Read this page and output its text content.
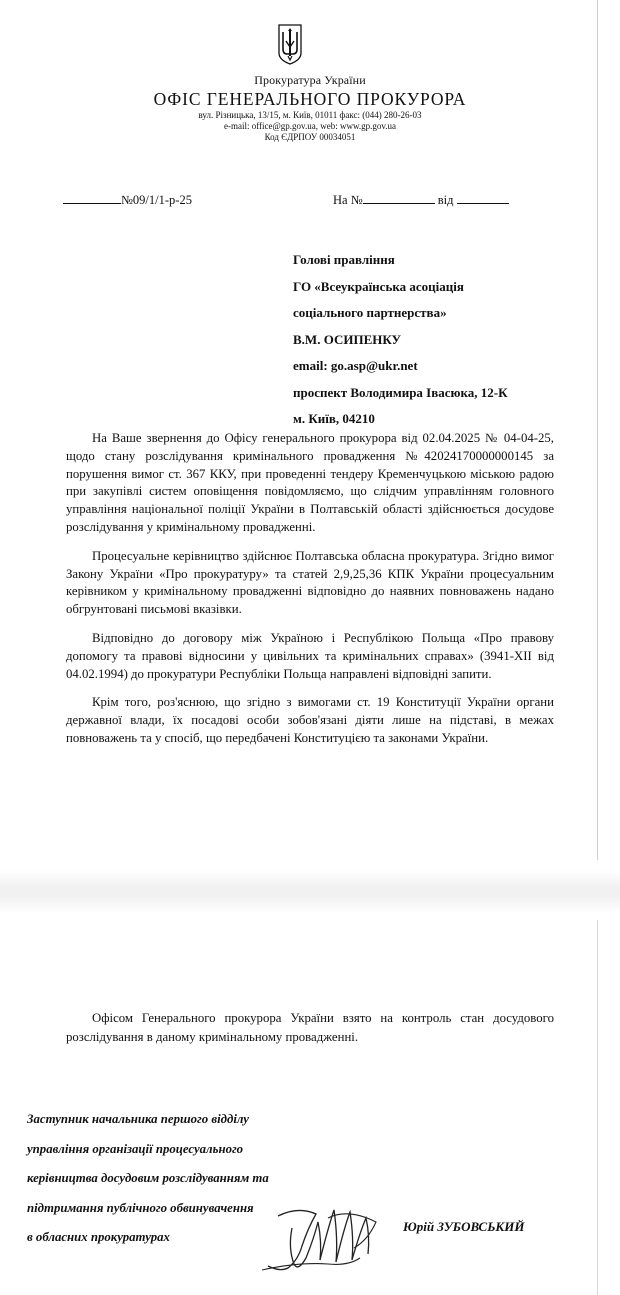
Прокуратура України
ОФІС ГЕНЕРАЛЬНОГО ПРОКУРОРА
вул. Різницька, 13/15, м. Київ, 01011 факс: (044) 280-26-03
e-mail: office@gp.gov.ua, web: www.gp.gov.ua
Код ЄДРПОУ 00034051
№09/1/1-р-25	На №	від
Голові правління
ГО «Всеукраїнська асоціація
соціального партнерства»
В.М. ОСИПЕНКУ
email: go.asp@ukr.net
проспект Володимира Івасюка, 12-К
м. Київ, 04210

На Ваше звернення до Офісу генерального прокурора від 02.04.2025 № 04-04-25, щодо стану розслідування кримінального провадження №42024170000000145 за порушення вимог ст. 367 ККУ, при проведенні тендеру Кременчуцькою міською радою при закупівлі систем оповіщення повідомляємо, що слідчим управлінням головного управління національної поліції України в Полтавській області здійснюється досудове розслідування у кримінальному провадженні.

Процесуальне керівництво здійснює Полтавська обласна прокуратура. Згідно вимог Закону України «Про прокуратуру» та статей 2,9,25,36 КПК України процесуальним керівником у кримінальному провадженні відповідно до наявних повноважень надано обгрунтовані письмові вказівки.

Відповідно до договору між Україною і Республікою Польща «Про правову допомогу та правові відносини у цивільних та кримінальних справах» (3941-XII від 04.02.1994) до прокуратури Республіки Польща направлені відповідні запити.

Крім того, роз'яснюю, що згідно з вимогами ст. 19 Конституції України органи державної влади, їх посадові особи зобов'язані діяти лише на підставі, в межах повноважень та у спосіб, що передбачені Конституцією та законами України.

Офісом Генерального прокурора України взято на контроль стан досудового розслідування в даному кримінальному провадженні.

Заступник начальника першого відділу
управління організації процесуального
керівництва досудовим розслідуванням та
підтримання публічного обвинувачення
в обласних прокуратурах
Юрій ЗУБОВСЬКИЙ
